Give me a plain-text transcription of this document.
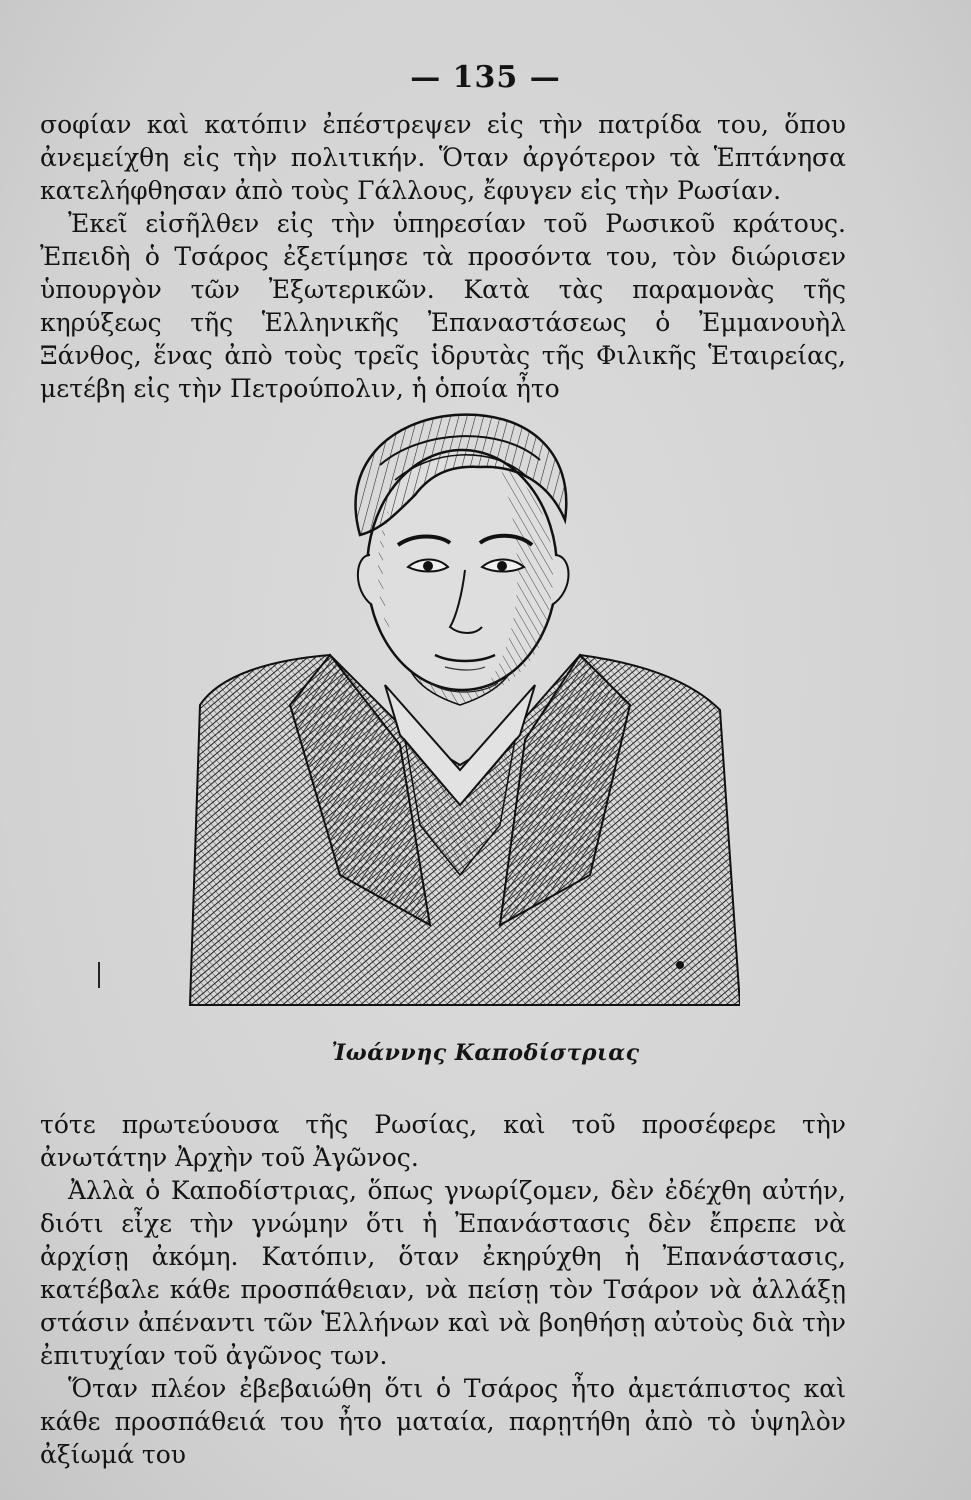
— 135 —

σοφίαν καὶ κατόπιν ἐπέστρεψεν εἰς τὴν πατρίδα του, ὅπου ἀνεμείχθη εἰς τὴν πολιτικήν. Ὅταν ἀργότερον τὰ Ἑπτάνησα κατελήφθησαν ἀπὸ τοὺς Γάλλους, ἔφυγεν εἰς τὴν Ρωσίαν.

Ἐκεῖ εἰσῆλθεν εἰς τὴν ὑπηρεσίαν τοῦ Ρωσικοῦ κράτους. Ἐπειδὴ ὁ Τσάρος ἐξετίμησε τὰ προσόντα του, τὸν διώρισεν ὑπουργὸν τῶν Ἐξωτερικῶν. Κατὰ τὰς παραμονὰς τῆς κηρύξεως τῆς Ἑλληνικῆς Ἐπαναστάσεως ὁ Ἐμμανουὴλ Ξάνθος, ἕνας ἀπὸ τοὺς τρεῖς ἱδρυτὰς τῆς Φιλικῆς Ἑταιρείας, μετέβη εἰς τὴν Πετρούπολιν, ἡ ὁποία ἦτο

Ἰωάννης Καποδίστριας

τότε πρωτεύουσα τῆς Ρωσίας, καὶ τοῦ προσέφερε τὴν ἀνωτάτην Ἀρχὴν τοῦ Ἀγῶνος.

Ἀλλὰ ὁ Καποδίστριας, ὅπως γνωρίζομεν, δὲν ἐδέχθη αὐτήν, διότι εἶχε τὴν γνώμην ὅτι ἡ Ἐπανάστασις δὲν ἔπρεπε νὰ ἀρχίσῃ ἀκόμη. Κατόπιν, ὅταν ἐκηρύχθη ἡ Ἐπανάστασις, κατέβαλε κάθε προσπάθειαν, νὰ πείσῃ τὸν Τσάρον νὰ ἀλλάξῃ στάσιν ἀπέναντι τῶν Ἑλλήνων καὶ νὰ βοηθήσῃ αὐτοὺς διὰ τὴν ἐπιτυχίαν τοῦ ἀγῶνος των.

Ὅταν πλέον ἐβεβαιώθη ὅτι ὁ Τσάρος ἦτο ἀμετάπιστος καὶ κάθε προσπάθειά του ἦτο ματαία, παρῃτήθη ἀπὸ τὸ ὑψηλὸν ἀξίωμά του
